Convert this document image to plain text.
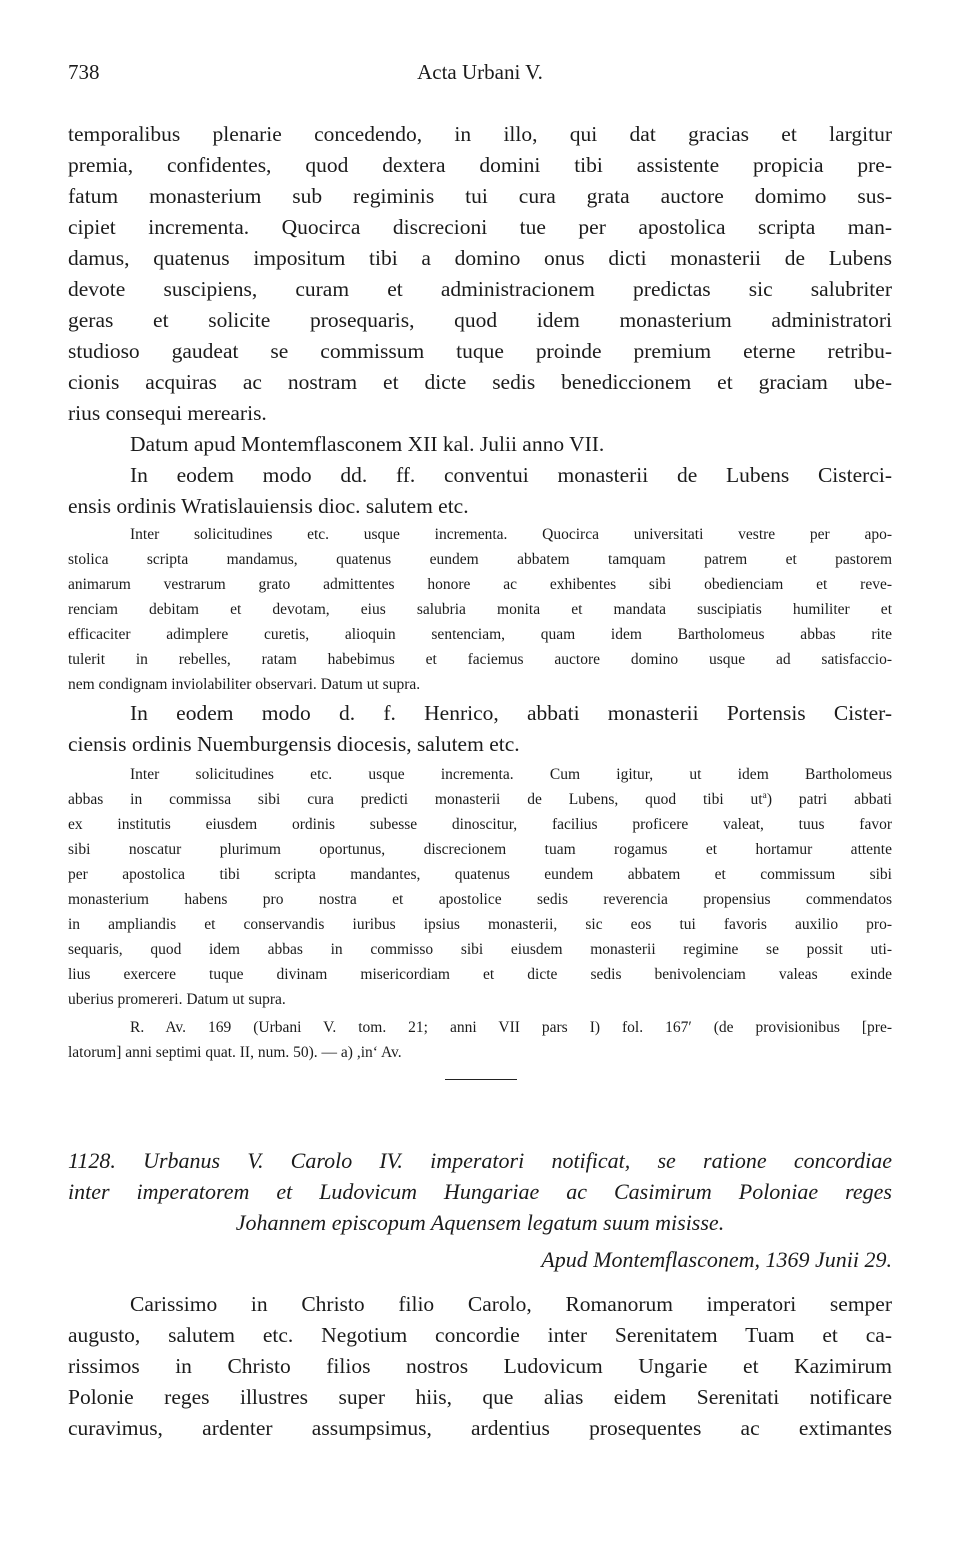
738	Acta Urbani V.
temporalibus plenarie concedendo, in illo, qui dat gracias et largitur
premia, confidentes, quod dextera domini tibi assistente propicia pre-
fatum monasterium sub regiminis tui cura grata auctore domimo sus-
cipiet incrementa. Quocirca discrecioni tue per apostolica scripta man-
damus, quatenus impositum tibi a domino onus dicti monasterii de Lubens
devote suscipiens, curam et administracionem predictas sic salubriter
geras et solicite prosequaris, quod idem monasterium administratori
studioso gaudeat se commissum tuque proinde premium eterne retribu-
cionis acquiras ac nostram et dicte sedis benediccionem et graciam ube-
rius consequi merearis.
Datum apud Montemflasconem XII kal. Julii anno VII.
In eodem modo dd. ff. conventui monasterii de Lubens Cisterci-
ensis ordinis Wratislauiensis dioc. salutem etc.
Inter solicitudines etc. usque incrementa. Quocirca universitati vestre per apo-
stolica scripta mandamus, quatenus eundem abbatem tamquam patrem et pastorem
animarum vestrarum grato admittentes honore ac exhibentes sibi obedienciam et reve-
renciam debitam et devotam, eius salubria monita et mandata suscipiatis humiliter et
efficaciter adimplere curetis, alioquin sentenciam, quam idem Bartholomeus abbas rite
tulerit in rebelles, ratam habebimus et faciemus auctore domino usque ad satisfaccio-
nem condignam inviolabiliter observari. Datum ut supra.
In eodem modo d. f. Henrico, abbati monasterii Portensis Cister-
ciensis ordinis Nuemburgensis diocesis, salutem etc.
Inter solicitudines etc. usque incrementa. Cum igitur, ut idem Bartholomeus
abbas in commissa sibi cura predicti monasterii de Lubens, quod tibi $ut^a$) patri abbati
ex institutis eiusdem ordinis subesse dinoscitur, facilius proficere valeat, tuus favor
sibi noscatur plurimum oportunus, discrecionem tuam rogamus et hortamur attente
per apostolica tibi scripta mandantes, quatenus eundem abbatem et commissum sibi
monasterium habens pro nostra et apostolice sedis reverencia propensius commendatos
in ampliandis et conservandis iuribus ipsius monasterii, sic eos tui favoris auxilio pro-
sequaris, quod idem abbas in commisso sibi eiusdem monasterii regimine se possit uti-
lius exercere tuque divinam misericordiam et dicte sedis benivolenciam valeas exinde
uberius promereri. Datum ut supra.
R. Av. 169 (Urbani V. tom. 21; anni VII pars I) fol. 167′ (de provisionibus [pre-
latorum] anni septimi quat. II, num. 50). — a) ,in‘ Av.
1128. Urbanus V. Carolo IV. imperatori notificat, se ratione concordiae
inter imperatorem et Ludovicum Hungariae ac Casimirum Poloniae reges
Johannem episcopum Aquensem legatum suum misisse.
Apud Montemflasconem, 1369 Junii 29.
Carissimo in Christo filio Carolo, Romanorum imperatori semper
augusto, salutem etc. Negotium concordie inter Serenitatem Tuam et ca-
rissimos in Christo filios nostros Ludovicum Ungarie et Kazimirum
Polonie reges illustres super hiis, que alias eidem Serenitati notificare
curavimus, ardenter assumpsimus, ardentius prosequentes ac extimantes
